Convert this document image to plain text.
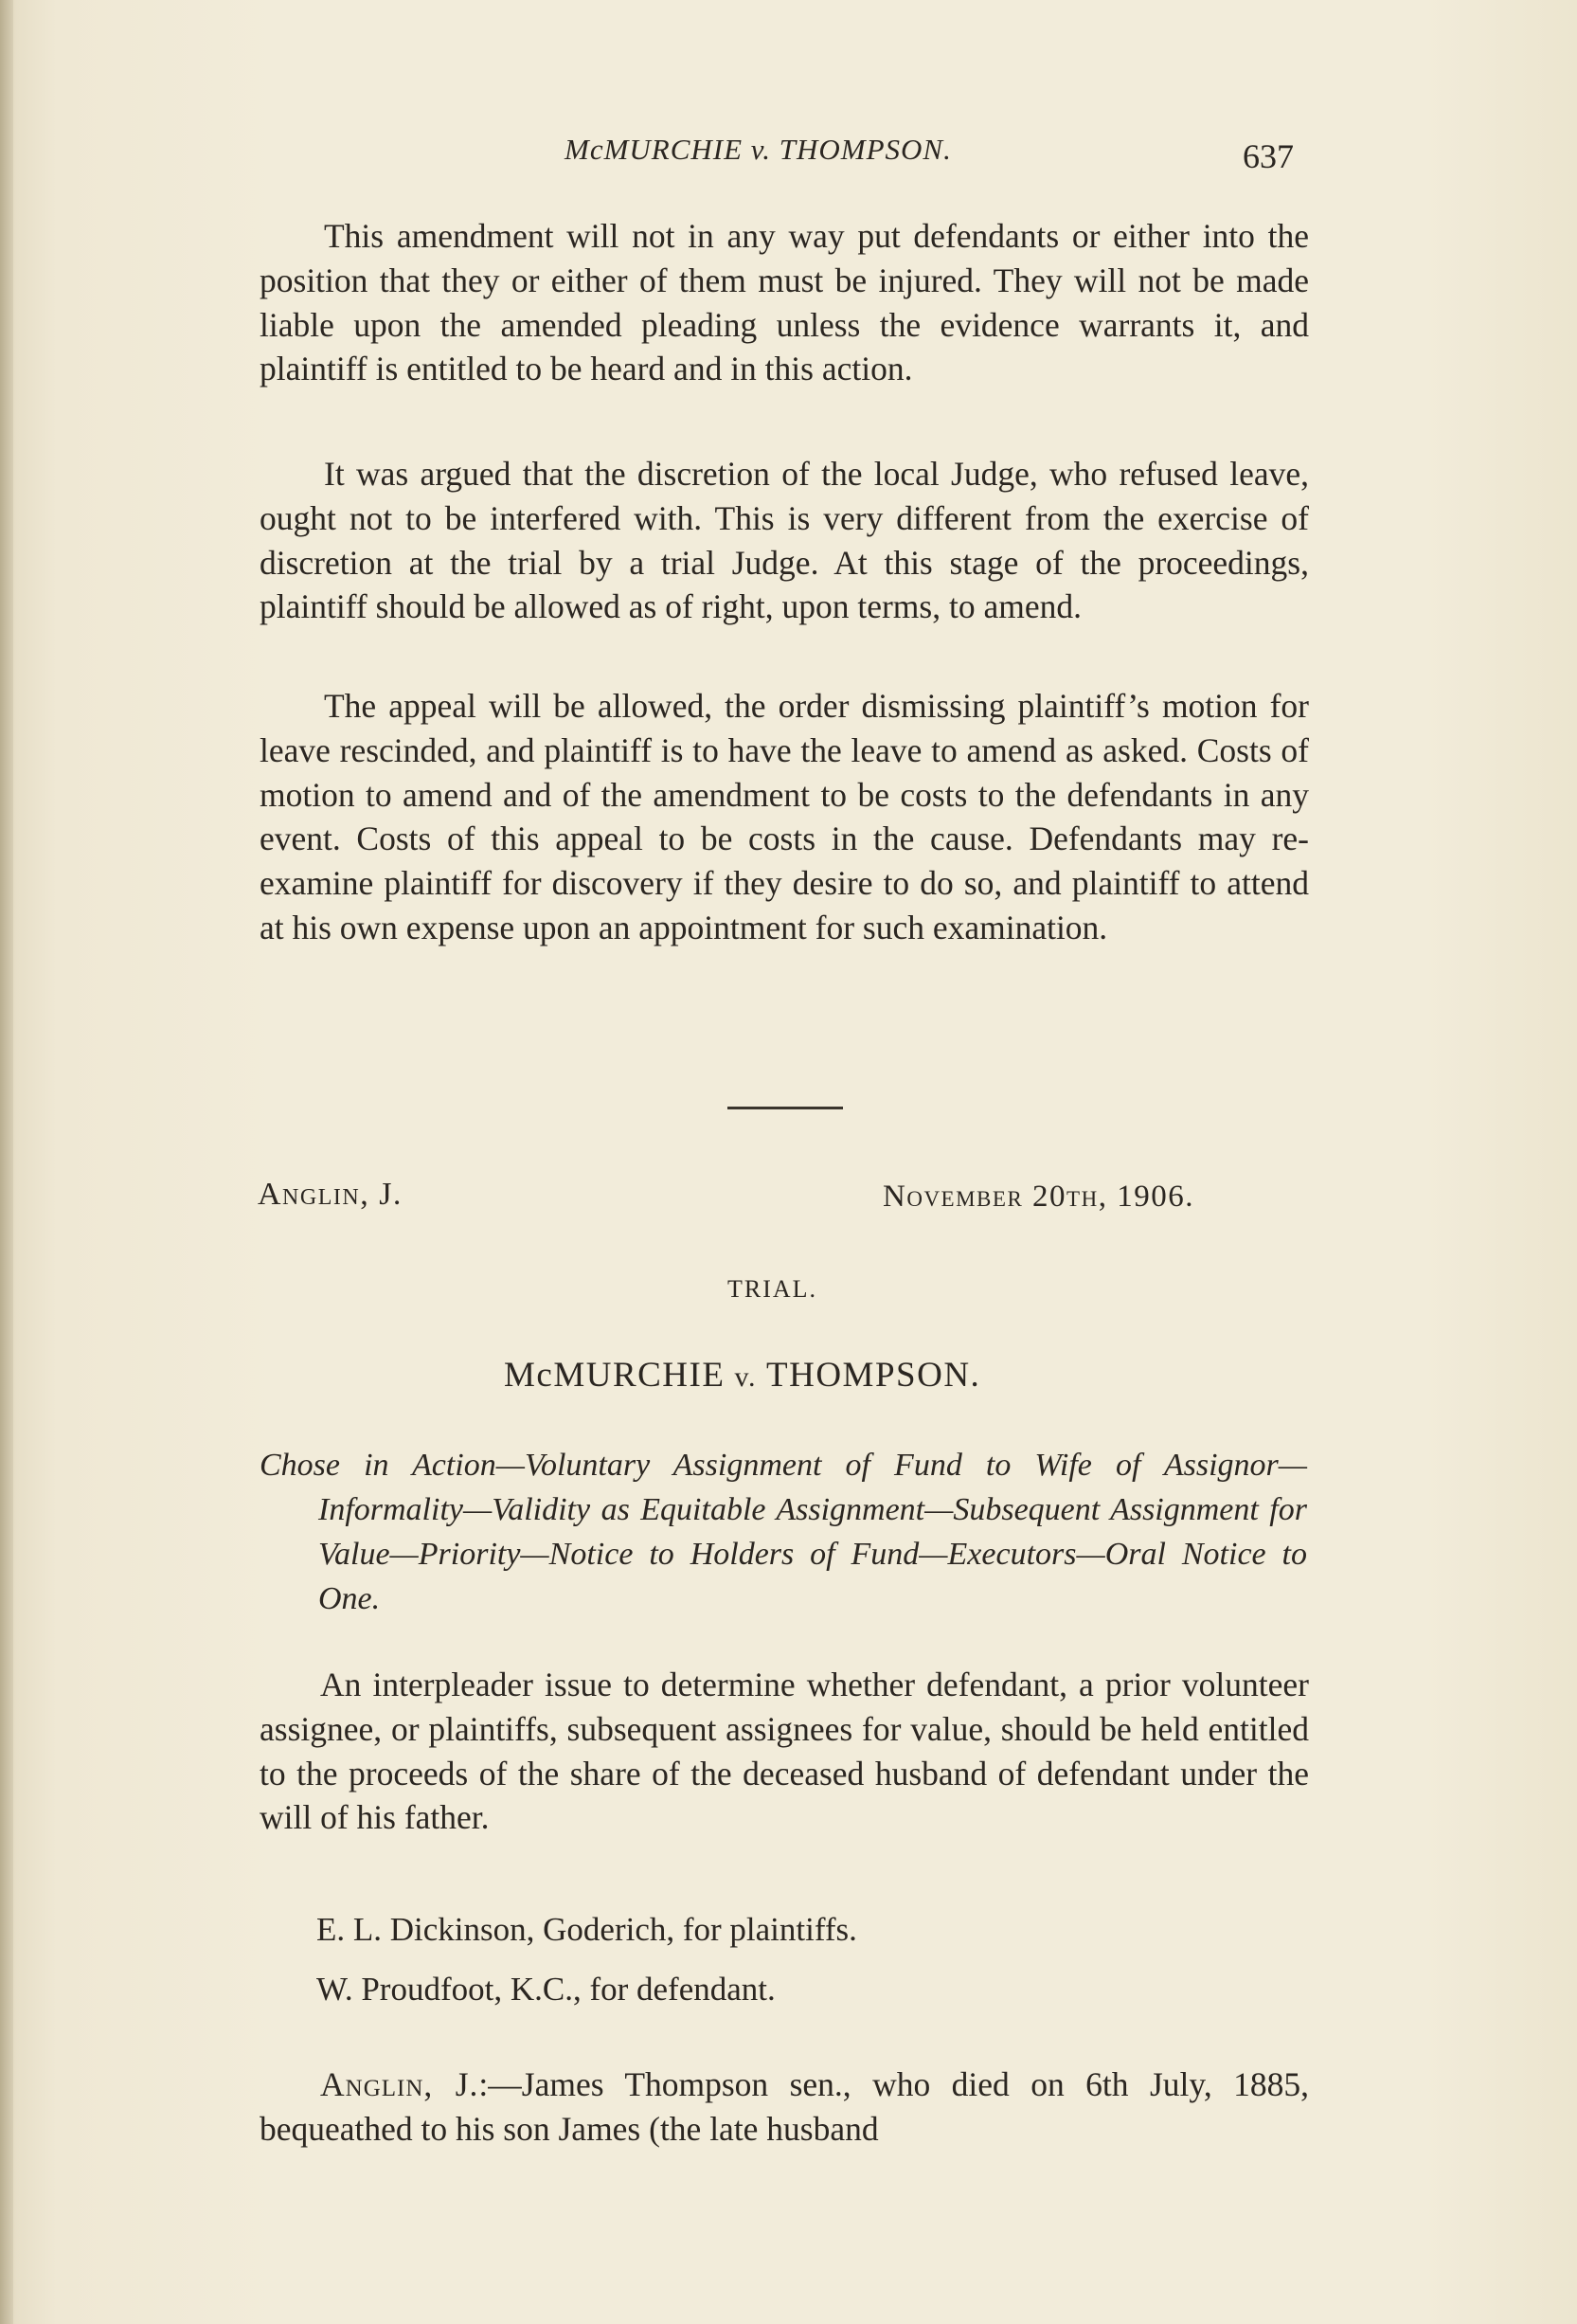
McMURCHIE v. THOMPSON.	637

This amendment will not in any way put defendants or either into the position that they or either of them must be injured. They will not be made liable upon the amended pleading unless the evidence warrants it, and plaintiff is entitled to be heard and in this action.

It was argued that the discretion of the local Judge, who refused leave, ought not to be interfered with. This is very different from the exercise of discretion at the trial by a trial Judge. At this stage of the proceedings, plaintiff should be allowed as of right, upon terms, to amend.

The appeal will be allowed, the order dismissing plaintiff’s motion for leave rescinded, and plaintiff is to have the leave to amend as asked. Costs of motion to amend and of the amendment to be costs to the defendants in any event. Costs of this appeal to be costs in the cause. Defendants may re-examine plaintiff for discovery if they desire to do so, and plaintiff to attend at his own expense upon an appointment for such examination.

Anglin, J.	November 20th, 1906.
TRIAL.
McMURCHIE v. THOMPSON.

Chose in Action—Voluntary Assignment of Fund to Wife of Assignor—Informality—Validity as Equitable Assignment—Subsequent Assignment for Value—Priority—Notice to Holders of Fund—Executors—Oral Notice to One.

An interpleader issue to determine whether defendant, a prior volunteer assignee, or plaintiffs, subsequent assignees for value, should be held entitled to the proceeds of the share of the deceased husband of defendant under the will of his father.

E. L. Dickinson, Goderich, for plaintiffs.
W. Proudfoot, K.C., for defendant.

Anglin, J.:—James Thompson sen., who died on 6th July, 1885, bequeathed to his son James (the late husband
